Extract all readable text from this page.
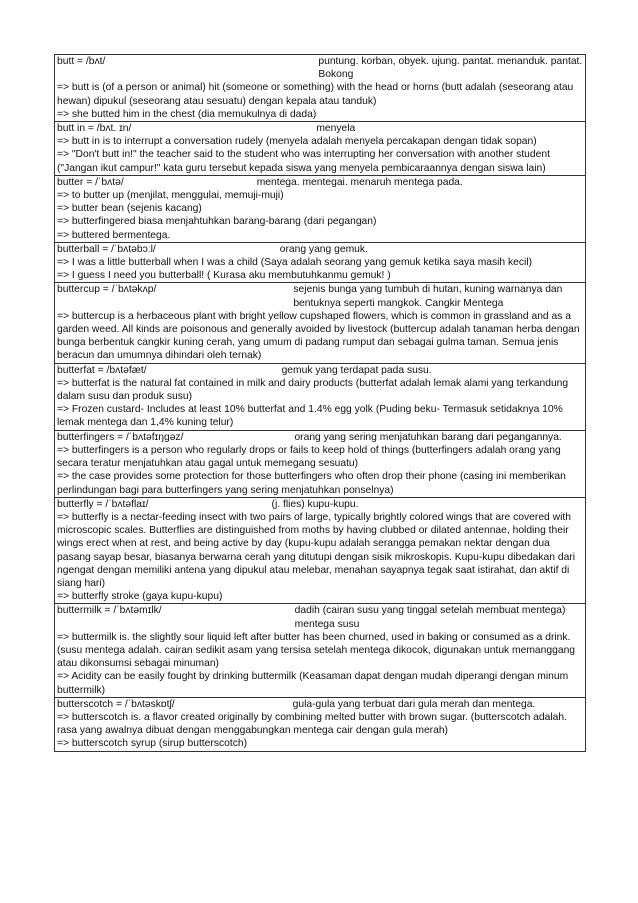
butt = /bʌt/	puntung. korban, obyek. ujung. pantat. menanduk. pantat. Bokong
=> butt is (of a person or animal) hit (someone or something) with the head or horns (butt adalah (seseorang atau hewan) dipukul (seseorang atau sesuatu) dengan kepala atau tanduk)
=> she butted him in the chest (dia memukulnya di dada)
butt in = /bʌt. ɪn/	menyela
=> butt in is to interrupt a conversation rudely (menyela adalah menyela percakapan dengan tidak sopan)
=> "Don't butt in!" the teacher said to the student who was interrupting her conversation with another student ("Jangan ikut campur!" kata guru tersebut kepada siswa yang menyela pembicaraannya dengan siswa lain)
butter = /ˈbʌtə/	mentega. mentegai. menaruh mentega pada.
=> to butter up (menjilat, menggulai, memuji-muji)
=> butter bean (sejenis kacang)
=> butterfingered biasa menjahtuhkan barang-barang (dari pegangan)
=> buttered bermentega.
butterball = /ˈbʌtəbɔːl/	orang yang gemuk.
=> I was a little butterball when I was a child (Saya adalah seorang yang gemuk ketika saya masih kecil)
=> I guess I need you butterball! ( Kurasa aku membutuhkanmu gemuk! )
buttercup = /ˈbʌtəkʌp/	sejenis bunga yang tumbuh di hutan, kuning warnanya dan bentuknya seperti mangkok. Cangkir Mentega
=> buttercup is a herbaceous plant with bright yellow cupshaped flowers, which is common in grassland and as a garden weed. All kinds are poisonous and generally avoided by livestock (buttercup adalah tanaman herba dengan bunga berbentuk cangkir kuning cerah, yang umum di padang rumput dan sebagai gulma taman. Semua jenis beracun dan umumnya dihindari oleh ternak)
butterfat = /bʌtəfæt/	gemuk yang terdapat pada susu.
=> butterfat is the natural fat contained in milk and dairy products (butterfat adalah lemak alami yang terkandung dalam susu dan produk susu)
=> Frozen custard- Includes at least 10% butterfat and 1.4% egg yolk (Puding beku- Termasuk setidaknya 10% lemak mentega dan 1,4% kuning telur)
butterfingers = /ˈbʌtəfɪŋgəz/	orang yang sering menjatuhkan barang dari pegangannya.
=> butterfingers is a person who regularly drops or fails to keep hold of things (butterfingers adalah orang yang secara teratur menjatuhkan atau gagal untuk memegang sesuatu)
=> the case provides some protection for those butterfingers who often drop their phone (casing ini memberikan perlindungan bagi para butterfingers yang sering menjatuhkan ponselnya)
butterfly = /ˈbʌtəflaɪ/	(j. flies) kupu-kupu.
=> butterfly is a nectar-feeding insect with two pairs of large, typically brightly colored wings that are covered with microscopic scales. Butterflies are distinguished from moths by having clubbed or dilated antennae, holding their wings erect when at rest, and being active by day (kupu-kupu adalah serangga pemakan nektar dengan dua pasang sayap besar, biasanya berwarna cerah yang ditutupi dengan sisik mikroskopis. Kupu-kupu dibedakan dari ngengat dengan memiliki antena yang dipukul atau melebar, menahan sayapnya tegak saat istirahat, dan aktif di siang hari)
=> butterfly stroke (gaya kupu-kupu)
buttermilk = /ˈbʌtəmɪlk/	dadih (cairan susu yang tinggal setelah membuat mentega) mentega susu
=> buttermilk is. the slightly sour liquid left after butter has been churned, used in baking or consumed as a drink. (susu mentega adalah. cairan sedikit asam yang tersisa setelah mentega dikocok, digunakan untuk memanggang atau dikonsumsi sebagai minuman)
=> Acidity can be easily fought by drinking buttermilk (Keasaman dapat dengan mudah diperangi dengan minum buttermilk)
butterscotch = /ˈbʌtəskɒtʃ/	gula-gula yang terbuat dari gula merah dan mentega.
=> butterscotch is. a flavor created originally by combining melted butter with brown sugar. (butterscotch adalah. rasa yang awalnya dibuat dengan menggabungkan mentega cair dengan gula merah)
=> butterscotch syrup (sirup butterscotch)
